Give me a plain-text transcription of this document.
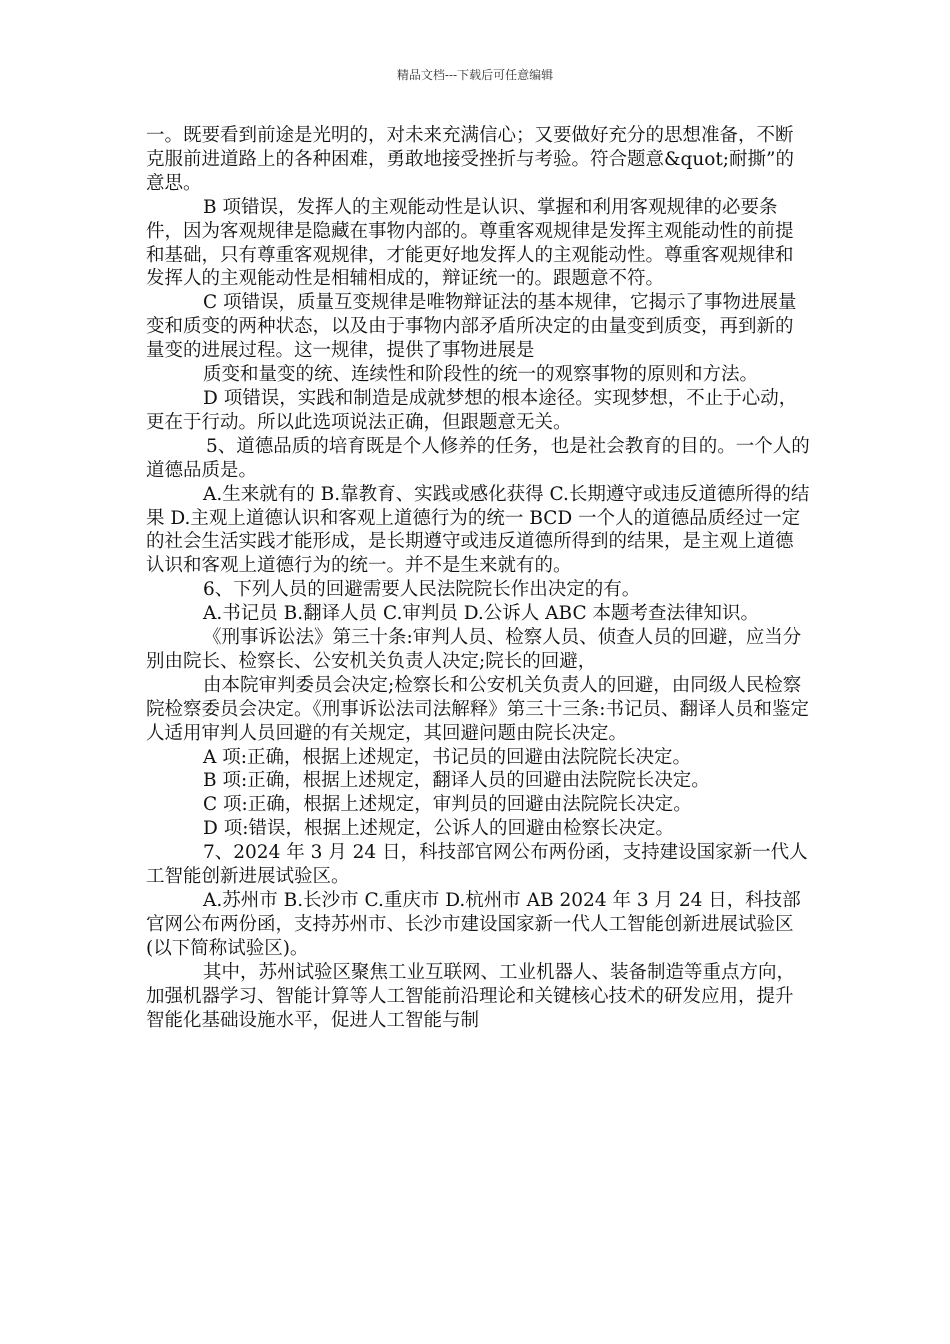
精品文档---下载后可任意编辑

一。既要看到前途是光明的，对未来充满信心；又要做好充分的思想准备，不断克服前进道路上的各种困难，勇敢地接受挫折与考验。符合题意&quot;耐撕”的意思。

B 项错误，发挥人的主观能动性是认识、掌握和利用客观规律的必要条件，因为客观规律是隐藏在事物内部的。尊重客观规律是发挥主观能动性的前提和基础，只有尊重客观规律，才能更好地发挥人的主观能动性。尊重客观规律和发挥人的主观能动性是相辅相成的，辩证统一的。跟题意不符。

C 项错误，质量互变规律是唯物辩证法的基本规律，它揭示了事物进展量变和质变的两种状态，以及由于事物内部矛盾所决定的由量变到质变，再到新的量变的进展过程。这一规律，提供了事物进展是

质变和量变的统、连续性和阶段性的统一的观察事物的原则和方法。

D 项错误，实践和制造是成就梦想的根本途径。实现梦想，不止于心动，更在于行动。所以此选项说法正确，但跟题意无关。

5、道德品质的培育既是个人修养的任务，也是社会教育的目的。一个人的道德品质是。

A.生来就有的 B.靠教育、实践或感化获得 C.长期遵守或违反道德所得的结果 D.主观上道德认识和客观上道德行为的统一 BCD 一个人的道德品质经过一定的社会生活实践才能形成，是长期遵守或违反道德所得到的结果，是主观上道德认识和客观上道德行为的统一。并不是生来就有的。

6、下列人员的回避需要人民法院院长作出决定的有。

A.书记员 B.翻译人员 C.审判员 D.公诉人 ABC 本题考查法律知识。

《刑事诉讼法》第三十条:审判人员、检察人员、侦查人员的回避，应当分别由院长、检察长、公安机关负责人决定;院长的回避，

由本院审判委员会决定;检察长和公安机关负责人的回避，由同级人民检察院检察委员会决定。《刑事诉讼法司法解释》第三十三条:书记员、翻译人员和鉴定人适用审判人员回避的有关规定，其回避问题由院长决定。

A 项:正确，根据上述规定，书记员的回避由法院院长决定。

B 项:正确，根据上述规定，翻译人员的回避由法院院长决定。

C 项:正确，根据上述规定，审判员的回避由法院院长决定。

D 项:错误，根据上述规定，公诉人的回避由检察长决定。

7、2024 年 3 月 24 日，科技部官网公布两份函，支持建设国家新一代人工智能创新进展试验区。

A.苏州市 B.长沙市 C.重庆市 D.杭州市 AB 2024 年 3 月 24 日，科技部官网公布两份函，支持苏州市、长沙市建设国家新一代人工智能创新进展试验区(以下简称试验区)。

其中，苏州试验区聚焦工业互联网、工业机器人、装备制造等重点方向，加强机器学习、智能计算等人工智能前沿理论和关键核心技术的研发应用，提升智能化基础设施水平，促进人工智能与制
